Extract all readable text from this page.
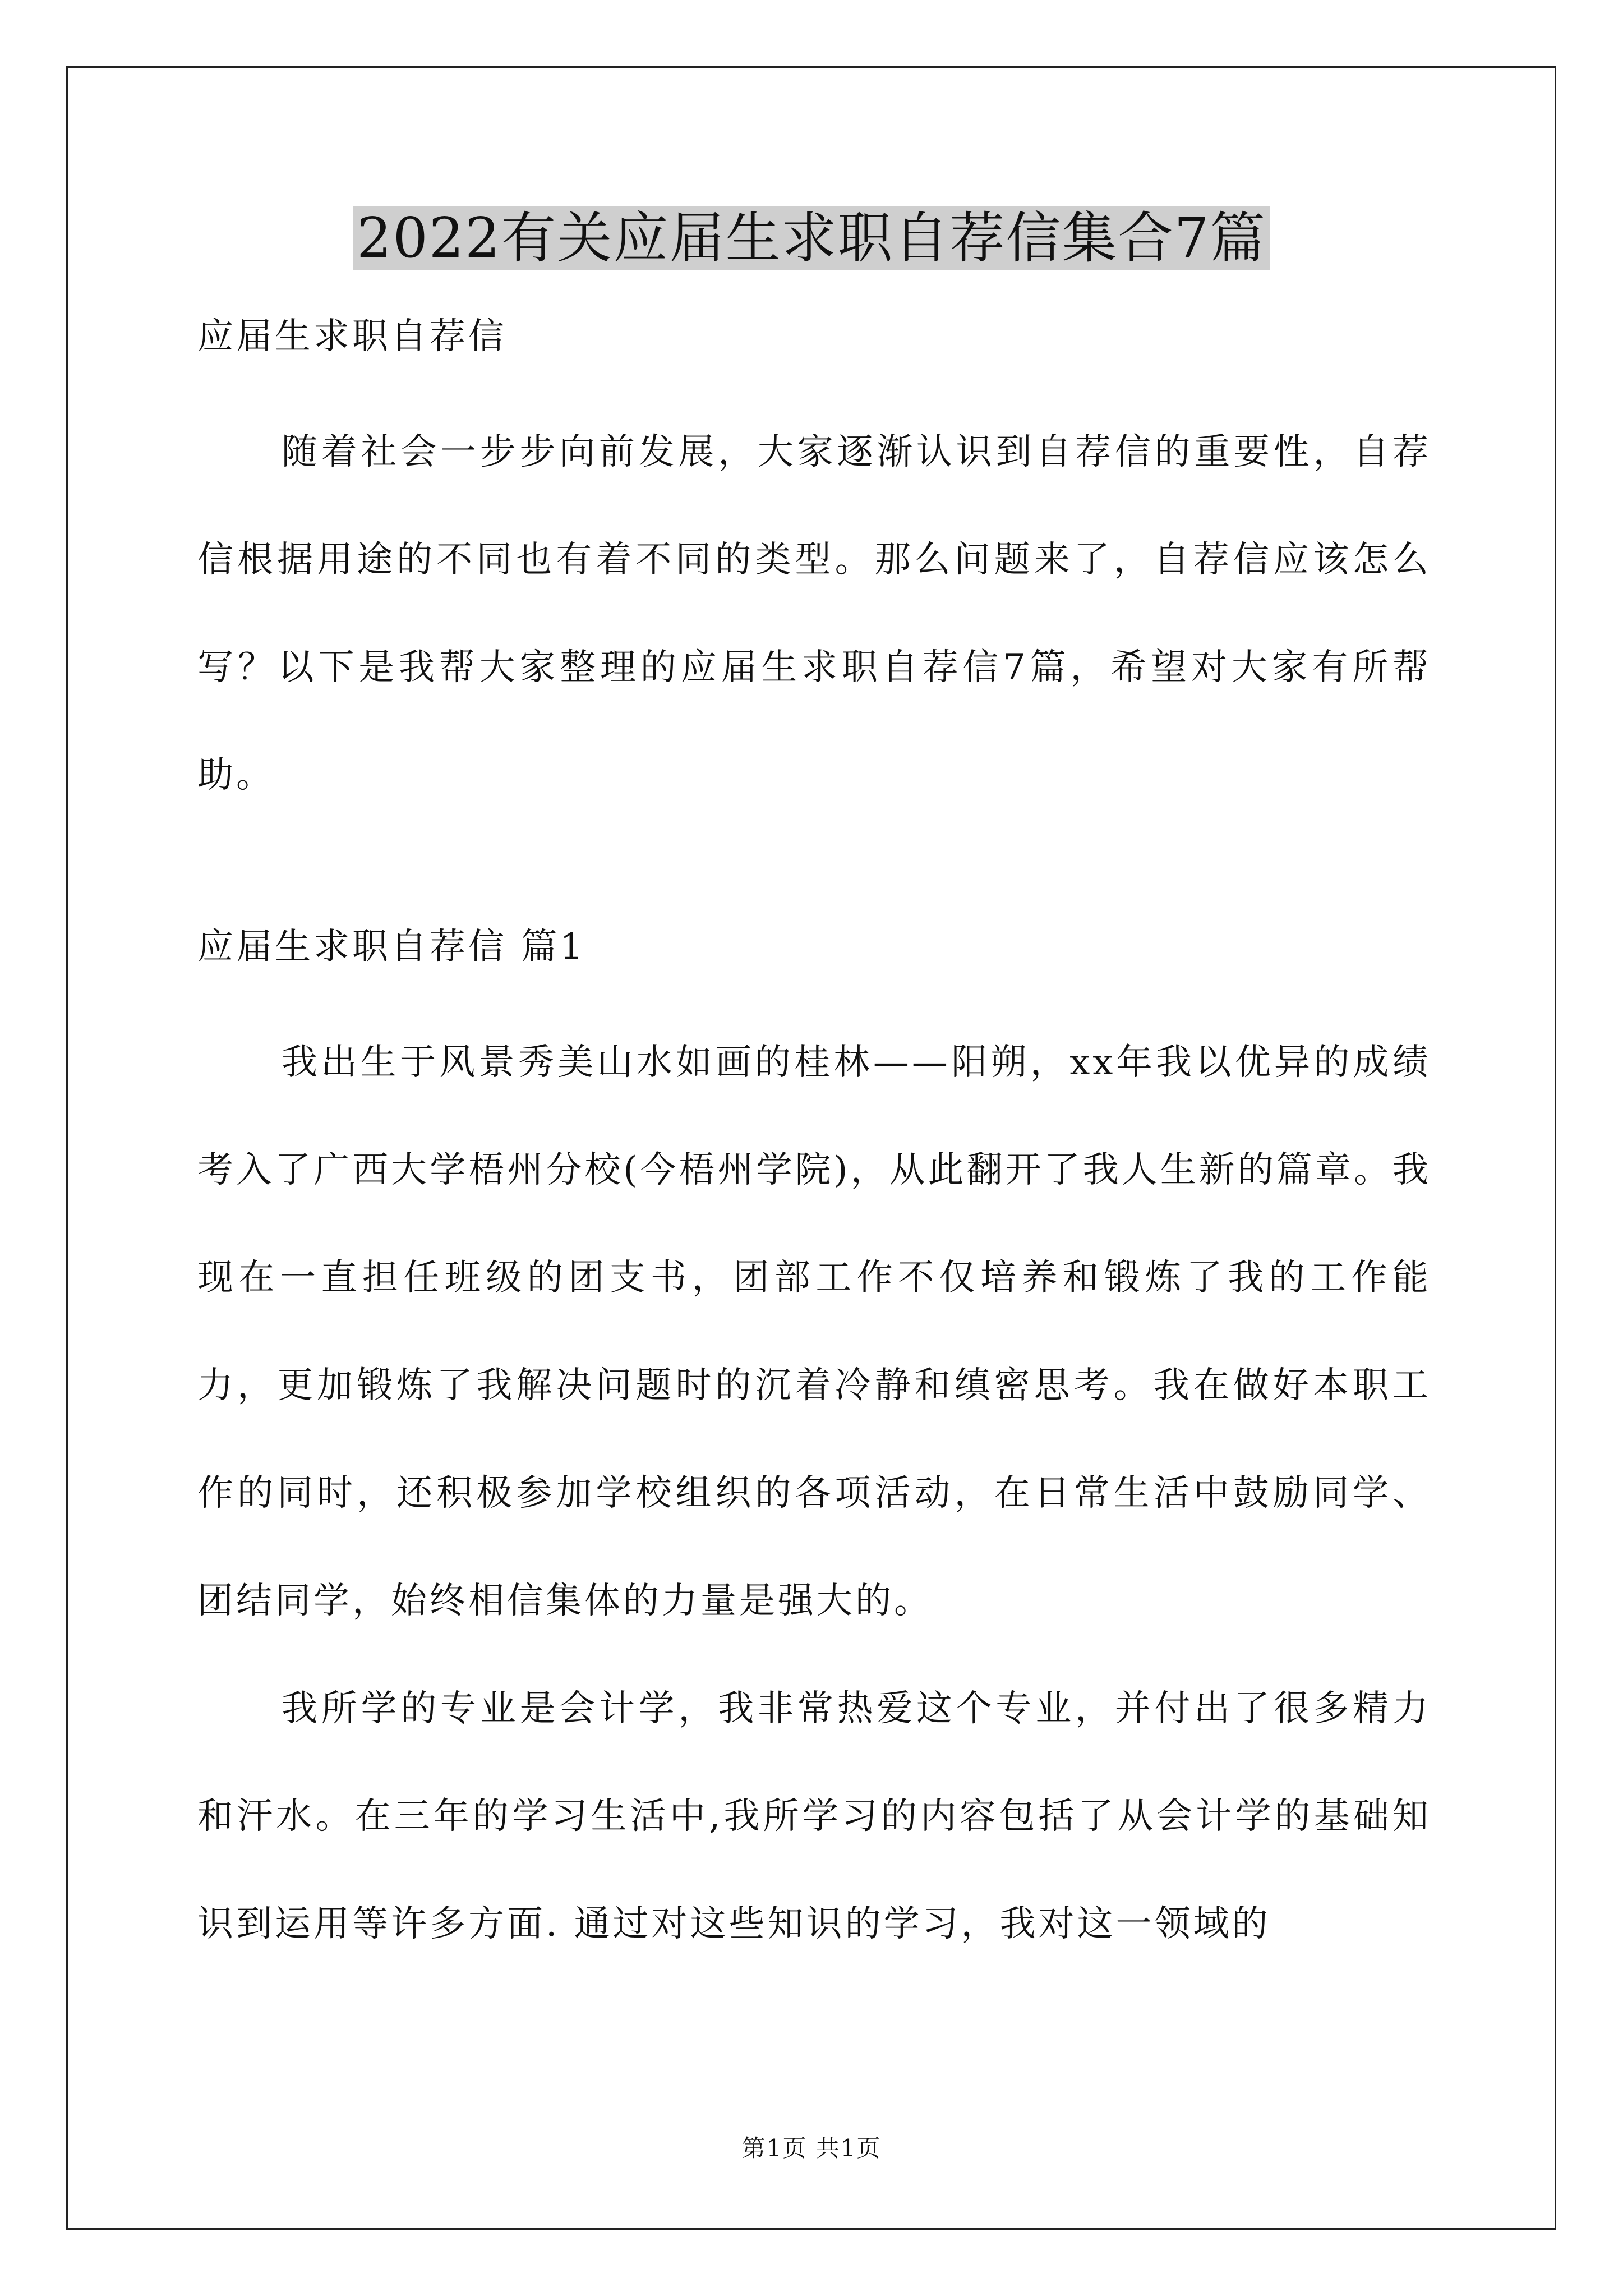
2022有关应届生求职自荐信集合7篇

应届生求职自荐信

随着社会一步步向前发展，大家逐渐认识到自荐信的重要性，自荐信根据用途的不同也有着不同的类型。那么问题来了，自荐信应该怎么写？以下是我帮大家整理的应届生求职自荐信7篇，希望对大家有所帮助。

应届生求职自荐信 篇1

我出生于风景秀美山水如画的桂林——阳朔，xx年我以优异的成绩考入了广西大学梧州分校(今梧州学院)，从此翻开了我人生新的篇章。我现在一直担任班级的团支书，团部工作不仅培养和锻炼了我的工作能力，更加锻炼了我解决问题时的沉着冷静和缜密思考。我在做好本职工作的同时，还积极参加学校组织的各项活动，在日常生活中鼓励同学、团结同学，始终相信集体的力量是强大的。

我所学的专业是会计学，我非常热爱这个专业，并付出了很多精力和汗水。在三年的学习生活中,我所学习的内容包括了从会计学的基础知识到运用等许多方面. 通过对这些知识的学习，我对这一领域的

第1页 共1页
